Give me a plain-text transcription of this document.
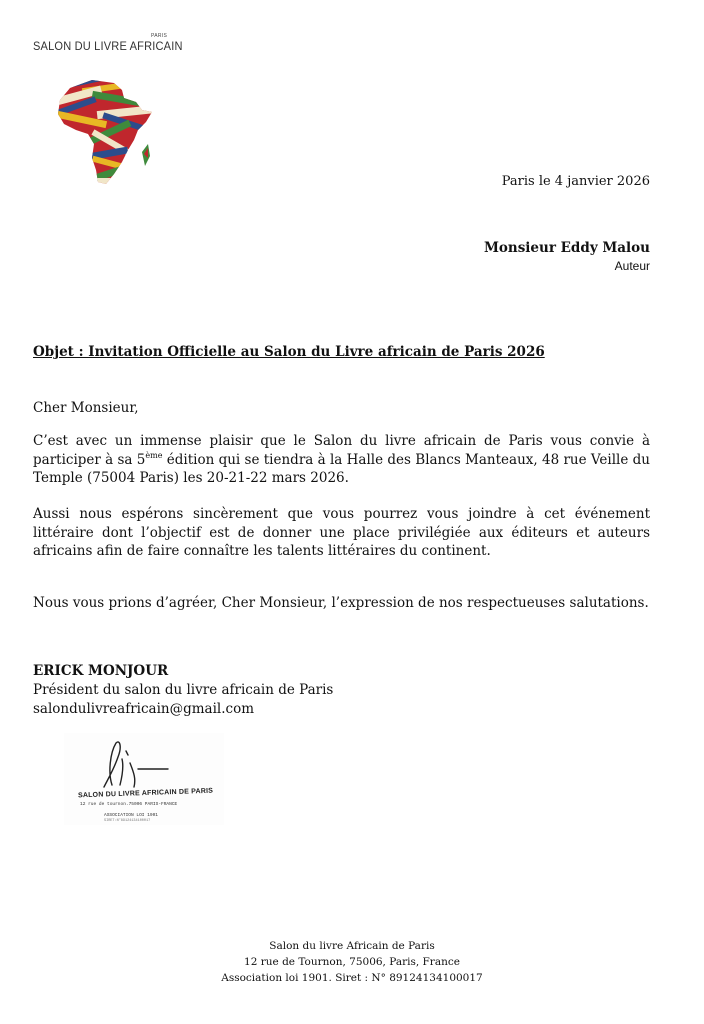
PARIS
SALON DU LIVRE AFRICAIN
Paris le 4 janvier 2026
Monsieur Eddy Malou
Auteur
Objet : Invitation Officielle au Salon du Livre africain de Paris 2026
Cher Monsieur,
C’est avec un immense plaisir que le Salon du livre africain de Paris vous convie à participer à sa 5ème édition qui se tiendra à la Halle des Blancs Manteaux, 48 rue Veille du Temple (75004 Paris) les 20-21-22 mars 2026.
Aussi nous espérons sincèrement que vous pourrez vous joindre à cet événement littéraire dont l’objectif est de donner une place privilégiée aux éditeurs et auteurs africains afin de faire connaître les talents littéraires du continent.
Nous vous prions d’agréer, Cher Monsieur, l’expression de nos respectueuses salutations.
ERICK MONJOUR
Président du salon du livre africain de Paris
salondulivreafricain@gmail.com
SALON DU LIVRE AFRICAIN DE PARIS
12 rue de tournon.75006 PARIS-FRANCE
ASSOCIATION LOI 1901
SIRET:N°89124134100017
Salon du livre Africain de Paris
12 rue de Tournon, 75006, Paris, France
Association loi 1901. Siret : N° 89124134100017
